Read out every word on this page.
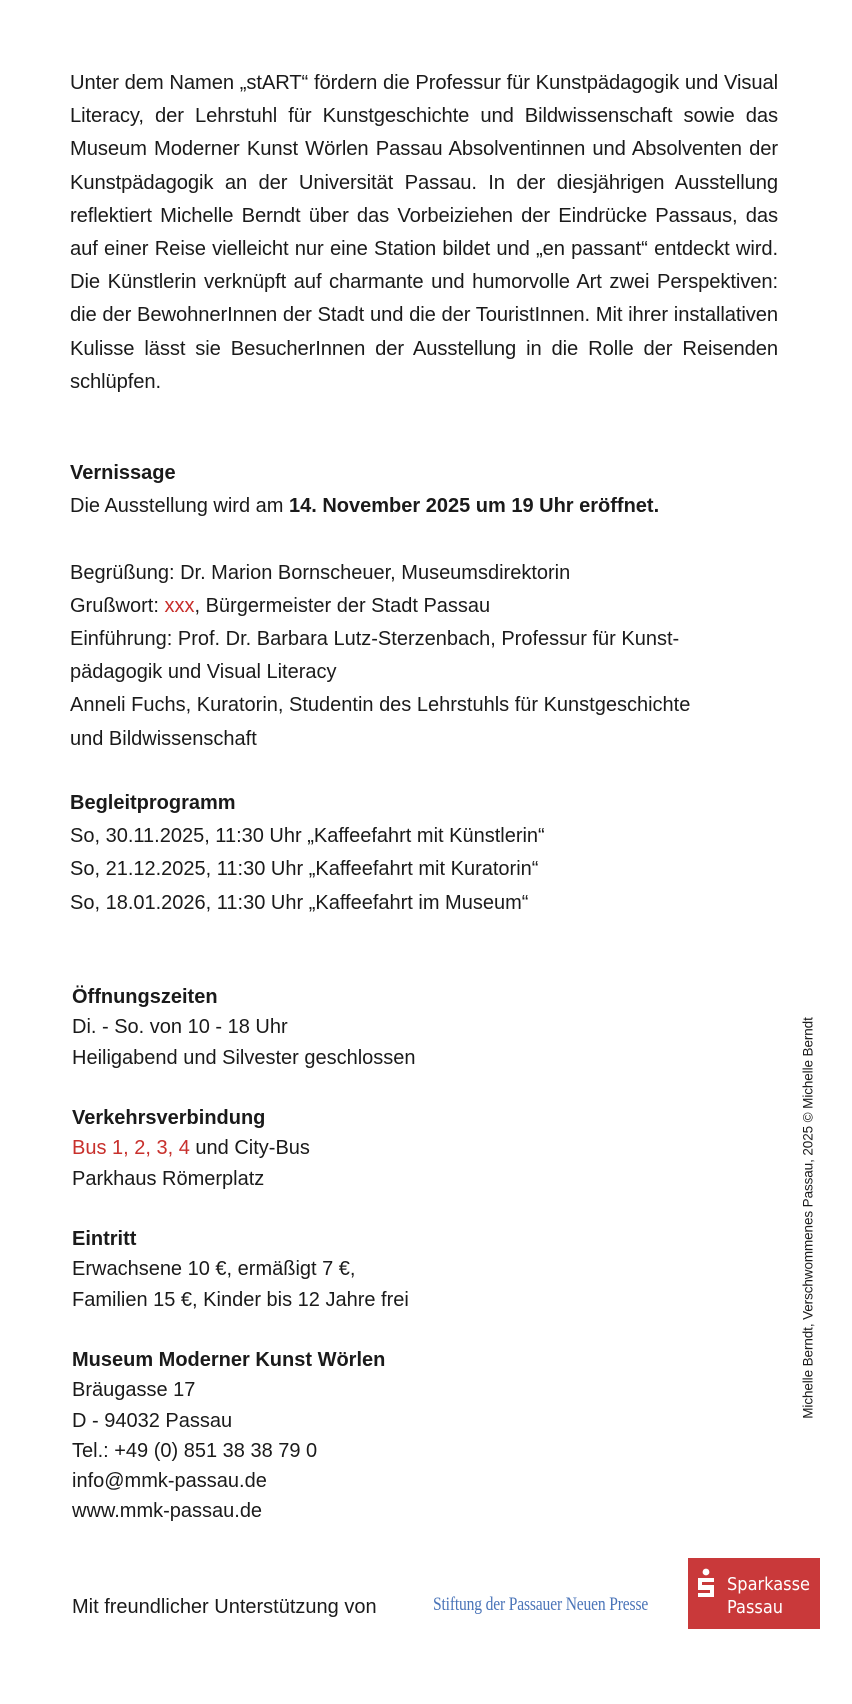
Unter dem Namen „stART“ fördern die Professur für Kunstpädagogik und Visual Literacy, der Lehrstuhl für Kunstgeschichte und Bildwissenschaft sowie das Museum Moderner Kunst Wörlen Passau Absolventinnen und Absolventen der Kunstpädagogik an der Universität Passau. In der diesjährigen Ausstellung reflektiert Michelle Berndt über das Vorbeiziehen der Eindrücke Passaus, das auf einer Reise vielleicht nur eine Station bildet und „en passant“ entdeckt wird. Die Künstlerin verknüpft auf charmante und humorvolle Art zwei Perspektiven: die der BewohnerInnen der Stadt und die der TouristInnen. Mit ihrer installativen Kulisse lässt sie BesucherInnen der Ausstellung in die Rolle der Reisenden schlüpfen.

Vernissage

Die Ausstellung wird am 14. November 2025 um 19 Uhr eröffnet.

Begrüßung: Dr. Marion Bornscheuer, Museumsdirektorin

Grußwort: xxx, Bürgermeister der Stadt Passau

Einführung: Prof. Dr. Barbara Lutz-Sterzenbach, Professur für Kunst-

pädagogik und Visual Literacy

Anneli Fuchs, Kuratorin, Studentin des Lehrstuhls für Kunstgeschichte

und Bildwissenschaft

Begleitprogramm

So, 30.11.2025, 11:30 Uhr „Kaffeefahrt mit Künstlerin“

So, 21.12.2025, 11:30 Uhr „Kaffeefahrt mit Kuratorin“

So, 18.01.2026, 11:30 Uhr „Kaffeefahrt im Museum“

Öffnungszeiten

Di. - So. von 10 - 18 Uhr

Heiligabend und Silvester geschlossen

Verkehrsverbindung

Bus 1, 2, 3, 4 und City-Bus

Parkhaus Römerplatz

Eintritt

Erwachsene 10 €, ermäßigt 7 €,

Familien 15 €, Kinder bis 12 Jahre frei

Museum Moderner Kunst Wörlen

Bräugasse 17

D - 94032 Passau

Tel.: +49 (0) 851 38 38 79 0

info@mmk-passau.de

www.mmk-passau.de

Michelle Berndt, Verschwommenes Passau, 2025 © Michelle Berndt
Mit freundlicher Unterstützung von	Stiftung der Passauer Neuen Presse
Sparkasse
Passau
